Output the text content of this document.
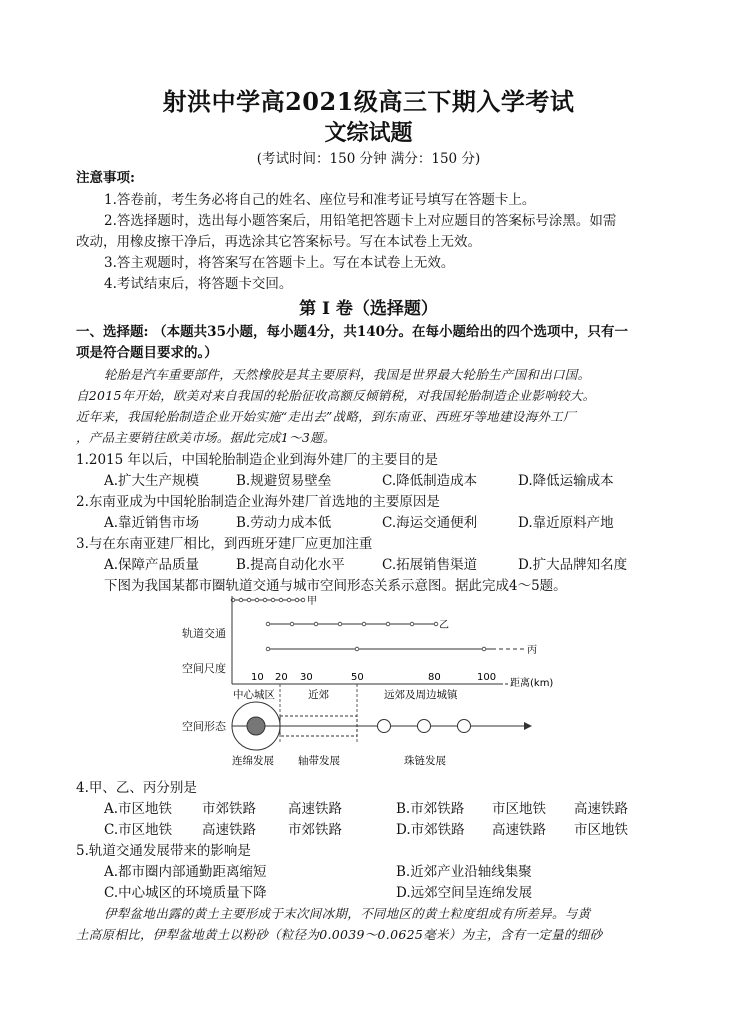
射洪中学高2021级高三下期入学考试
文综试题
(考试时间：150 分钟 满分：150 分)
注意事项:
1.答卷前，考生务必将自己的姓名、座位号和准考证号填写在答题卡上。
2.答选择题时，选出每小题答案后，用铅笔把答题卡上对应题目的答案标号涂黑。如需
改动，用橡皮擦干净后，再选涂其它答案标号。写在本试卷上无效。
3.答主观题时，将答案写在答题卡上。写在本试卷上无效。
4.考试结束后，将答题卡交回。
第 I 卷（选择题）
一、选择题: （本题共35小题，每小题4分，共140分。在每小题给出的四个选项中，只有一
项是符合题目要求的。）
轮胎是汽车重要部件，天然橡胶是其主要原料，我国是世界最大轮胎生产国和出口国。
自2015年开始，欧美对来自我国的轮胎征收高额反倾销税，对我国轮胎制造企业影响较大。
近年来，我国轮胎制造企业开始实施“走出去”战略，到东南亚、西班牙等地建设海外工厂
，产品主要销往欧美市场。据此完成1～3题。
1.2015 年以后，中国轮胎制造企业到海外建厂的主要目的是
A.扩大生产规模	B.规避贸易壁垒	C.降低制造成本	D.降低运输成本
2.东南亚成为中国轮胎制造企业海外建厂首选地的主要原因是
A.靠近销售市场	B.劳动力成本低	C.海运交通便利	D.靠近原料产地
3.与在东南亚建厂相比，到西班牙建厂应更加注重
A.保障产品质量	B.提高自动化水平	C.拓展销售渠道	D.扩大品牌知名度
下图为我国某都市圈轨道交通与城市空间形态关系示意图。据此完成4～5题。
轨道交通
空间尺度
空间形态
甲
乙
丙
10 20 30	50	80	100
距离(km)
中心城区	近郊	远郊及周边城镇
连绵发展 轴带发展	珠链发展
4.甲、乙、丙分别是
A.市区地铁 市郊铁路 高速铁路	B.市郊铁路 市区地铁 高速铁路
C.市区地铁 高速铁路 市郊铁路	D.市郊铁路 高速铁路 市区地铁
5.轨道交通发展带来的影响是
A.都市圈内部通勤距离缩短	B.近郊产业沿轴线集聚
C.中心城区的环境质量下降	D.远郊空间呈连绵发展
伊犁盆地出露的黄土主要形成于末次间冰期，不同地区的黄土粒度组成有所差异。与黄
土高原相比，伊犁盆地黄土以粉砂（粒径为0.0039～0.0625毫米）为主，含有一定量的细砂
